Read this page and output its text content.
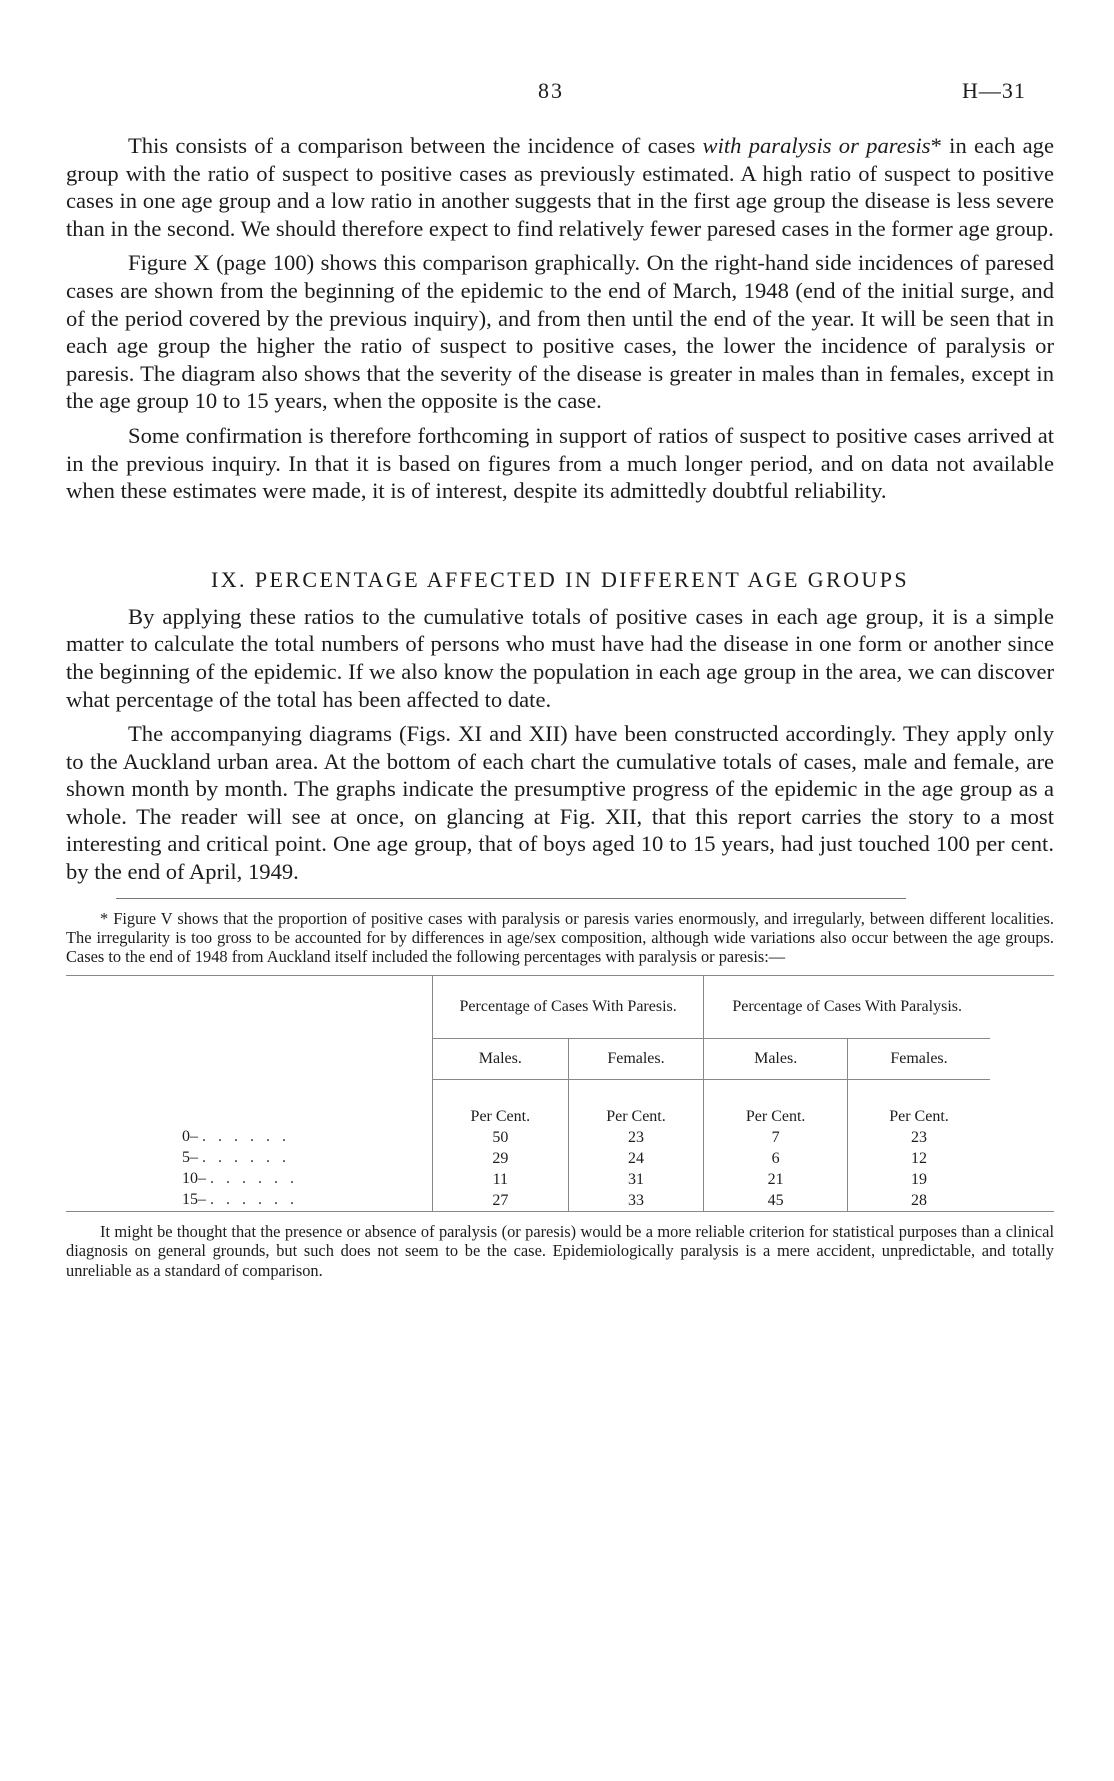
83	H—31

This consists of a comparison between the incidence of cases with paralysis or paresis* in each age group with the ratio of suspect to positive cases as previously estimated. A high ratio of suspect to positive cases in one age group and a low ratio in another suggests that in the first age group the disease is less severe than in the second. We should therefore expect to find relatively fewer paresed cases in the former age group.

Figure X (page 100) shows this comparison graphically. On the right-hand side incidences of paresed cases are shown from the beginning of the epidemic to the end of March, 1948 (end of the initial surge, and of the period covered by the previous inquiry), and from then until the end of the year. It will be seen that in each age group the higher the ratio of suspect to positive cases, the lower the incidence of paralysis or paresis. The diagram also shows that the severity of the disease is greater in males than in females, except in the age group 10 to 15 years, when the opposite is the case.

Some confirmation is therefore forthcoming in support of ratios of suspect to positive cases arrived at in the previous inquiry. In that it is based on figures from a much longer period, and on data not available when these estimates were made, it is of interest, despite its admittedly doubtful reliability.

IX. PERCENTAGE AFFECTED IN DIFFERENT AGE GROUPS

By applying these ratios to the cumulative totals of positive cases in each age group, it is a simple matter to calculate the total numbers of persons who must have had the disease in one form or another since the beginning of the epidemic. If we also know the population in each age group in the area, we can discover what percentage of the total has been affected to date.

The accompanying diagrams (Figs. XI and XII) have been constructed accordingly. They apply only to the Auckland urban area. At the bottom of each chart the cumulative totals of cases, male and female, are shown month by month. The graphs indicate the presumptive progress of the epidemic in the age group as a whole. The reader will see at once, on glancing at Fig. XII, that this report carries the story to a most interesting and critical point. One age group, that of boys aged 10 to 15 years, had just touched 100 per cent. by the end of April, 1949.

* Figure V shows that the proportion of positive cases with paralysis or paresis varies enormously, and irregularly, between different localities. The irregularity is too gross to be accounted for by differences in age/sex composition, although wide variations also occur between the age groups. Cases to the end of 1948 from Auckland itself included the following percentages with paralysis or paresis:—

	Percentage of Cases With Paresis.		Percentage of Cases With Paralysis.	
	Males.	Females.	Males.	Females.

	Per Cent.	Per Cent.	Per Cent.	Per Cent.
0– . . . . . .	50	23	7	23
5– . . . . . .	29	24	6	12
10– . . . . . .	11	31	21	19
15– . . . . . .	27	33	45	28

It might be thought that the presence or absence of paralysis (or paresis) would be a more reliable criterion for statistical purposes than a clinical diagnosis on general grounds, but such does not seem to be the case. Epidemiologically paralysis is a mere accident, unpredictable, and totally unreliable as a standard of comparison.
